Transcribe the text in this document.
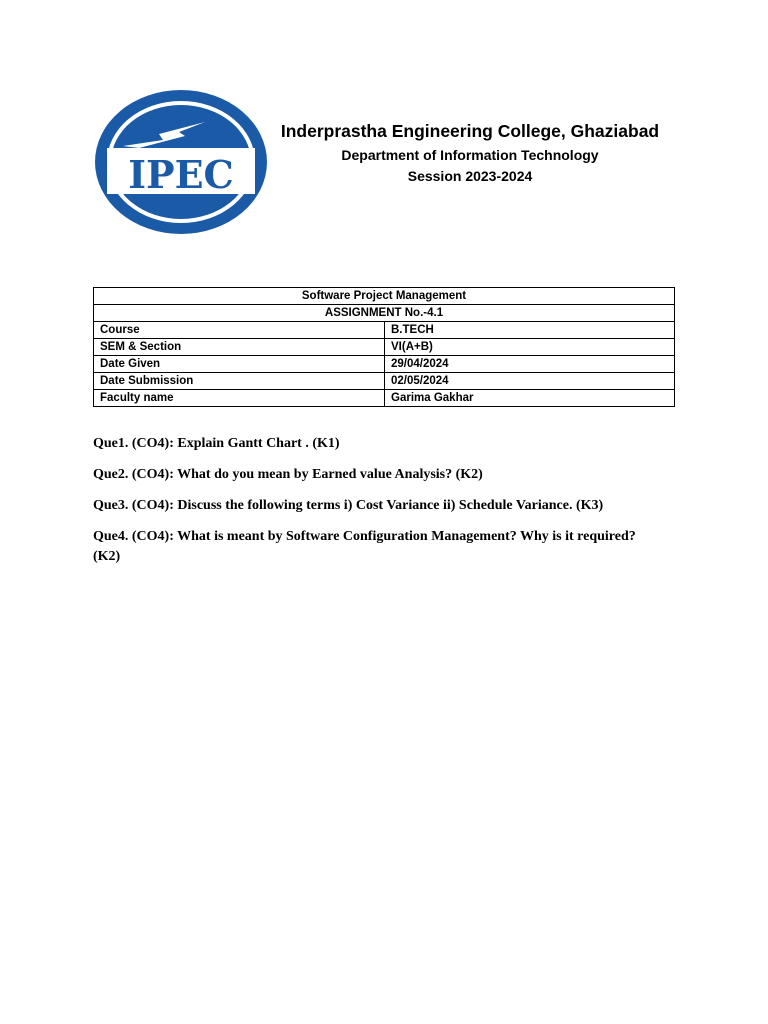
IPEC
Inderprastha Engineering College, Ghaziabad
Department of Information Technology
Session 2023-2024
Software Project Management	
ASSIGNMENT No.-4.1	
Course	B.TECH
SEM & Section	VI(A+B)
Date Given	29/04/2024
Date Submission	02/05/2024
Faculty name	Garima Gakhar

Que1. (CO4): Explain Gantt Chart . (K1)

Que2. (CO4): What do you mean by Earned value Analysis? (K2)

Que3. (CO4): Discuss the following terms i) Cost Variance ii) Schedule Variance. (K3)

Que4. (CO4): What is meant by Software Configuration Management? Why is it required? (K2)
